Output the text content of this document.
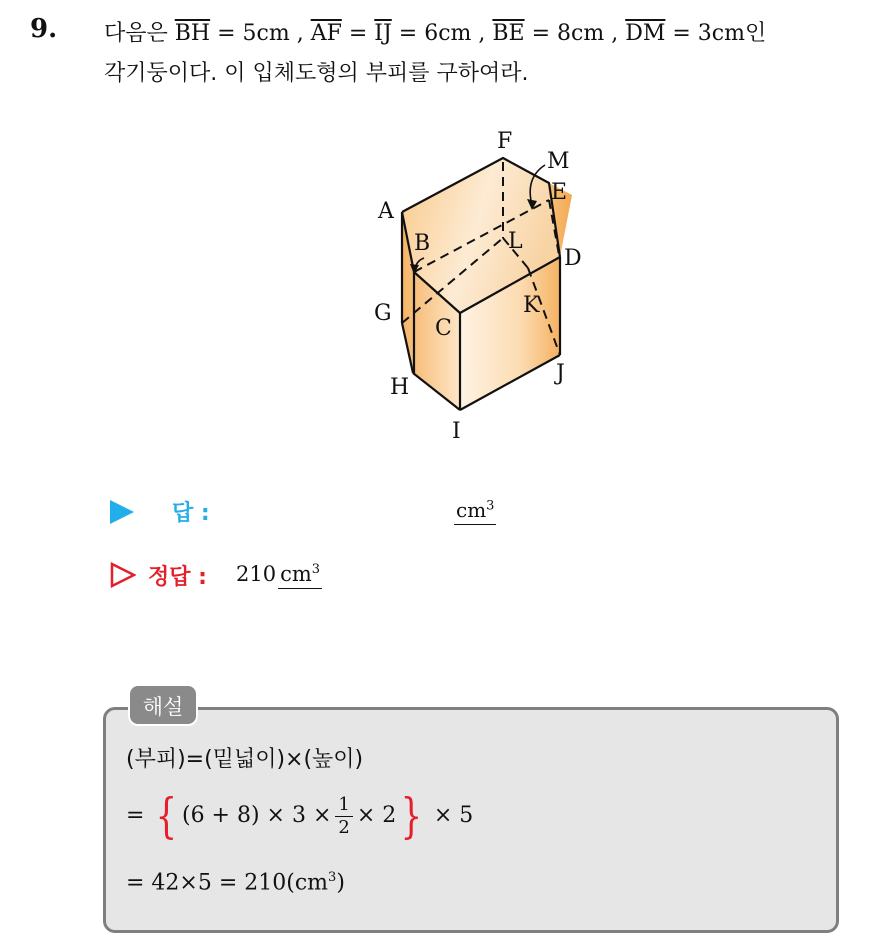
9. 다음은 $\overline{BH} = 5cm$ , $\overline{AF} = \overline{IJ} = 6cm$ , $\overline{BE} = 8cm$ , $\overline{DM} = 3cm$인
각기둥이다. 이 입체도형의 부피를 구하여라.
A
B
C
D
E
F
G
H
I
J
K
L
M
답 :	$cm^3$
정답 : 210 $cm^3$
해설
(부피)=(밑넓이)×(높이)
= { $(6 + 8) \times 3 \times \frac{1}{2} \times 2\} \times 5$
= $42\times 5 = 210(cm^3)$
